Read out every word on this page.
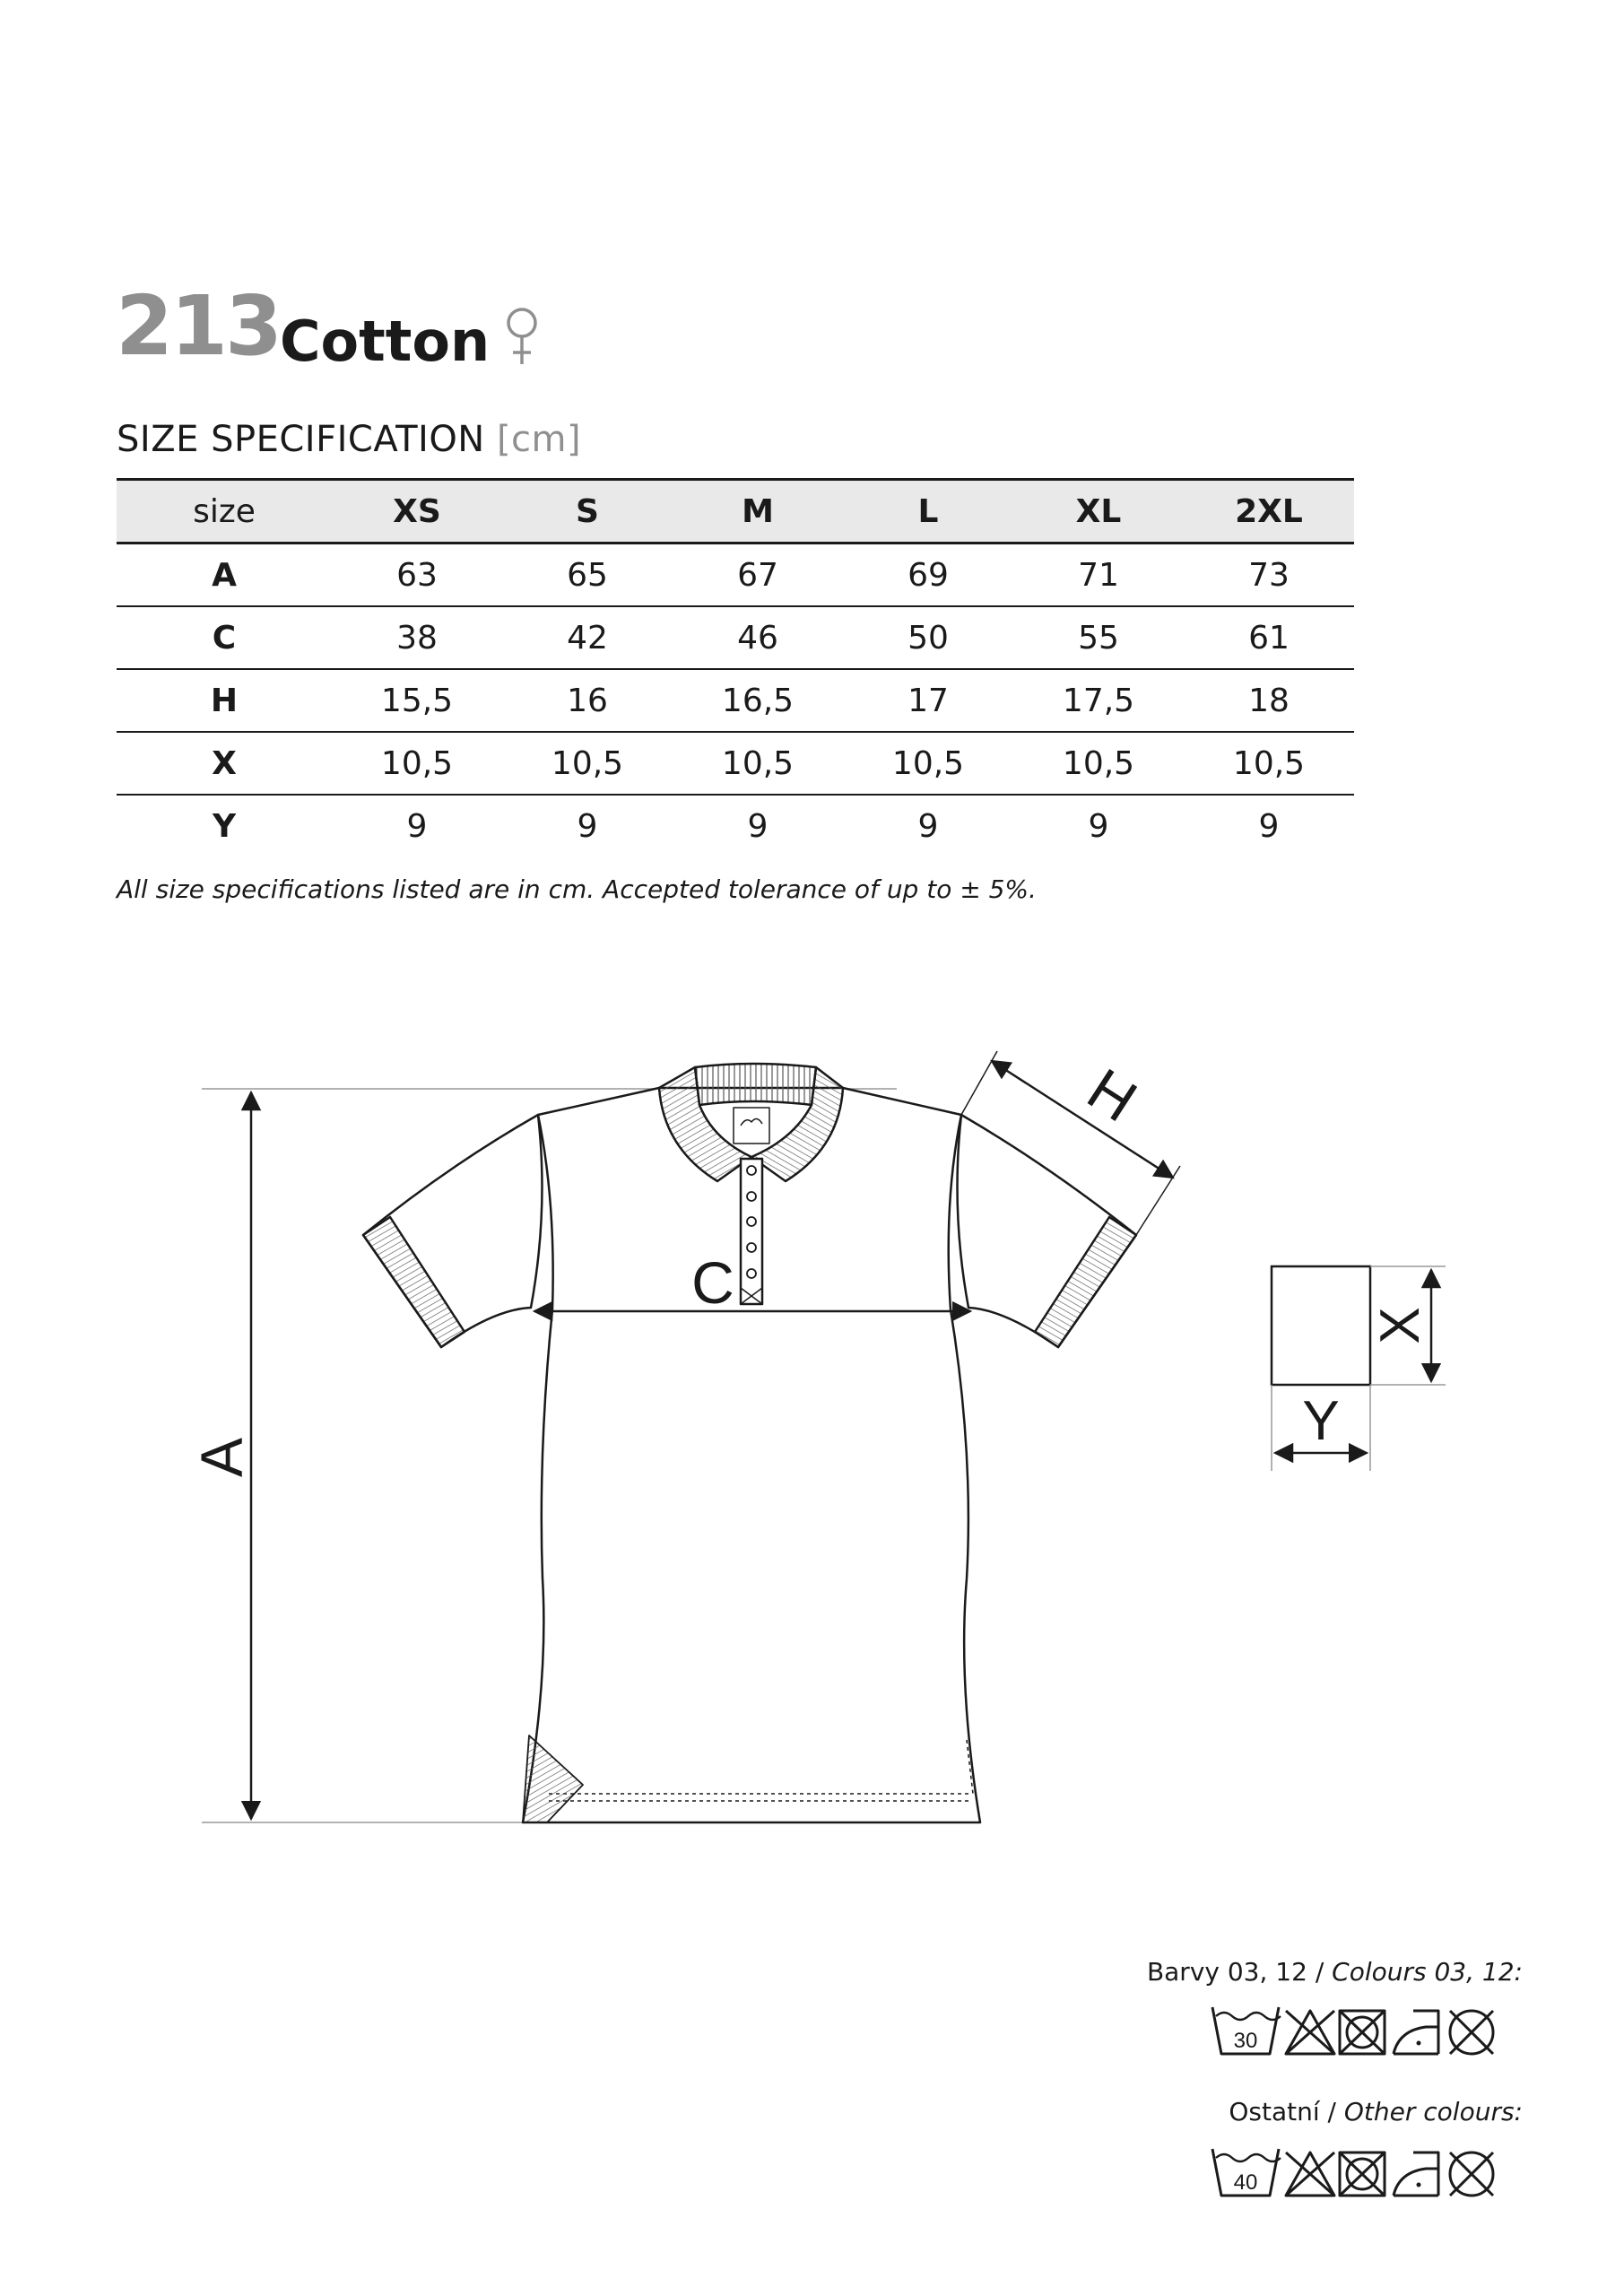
213 Cotton
SIZE SPECIFICATION [cm]
size	XS	S	M	L	XL	2XL
A	63	65	67	69	71	73
C	38	42	46	50	55	61
H	15,5	16	16,5	17	17,5	18
X	10,5	10,5	10,5	10,5	10,5	10,5
Y	9	9	9	9	9	9
All size specifications listed are in cm. Accepted tolerance of up to ± 5%.
A
C
H
X
Y
30
40
Barvy 03, 12 / Colours 03, 12:
Ostatní / Other colours:
